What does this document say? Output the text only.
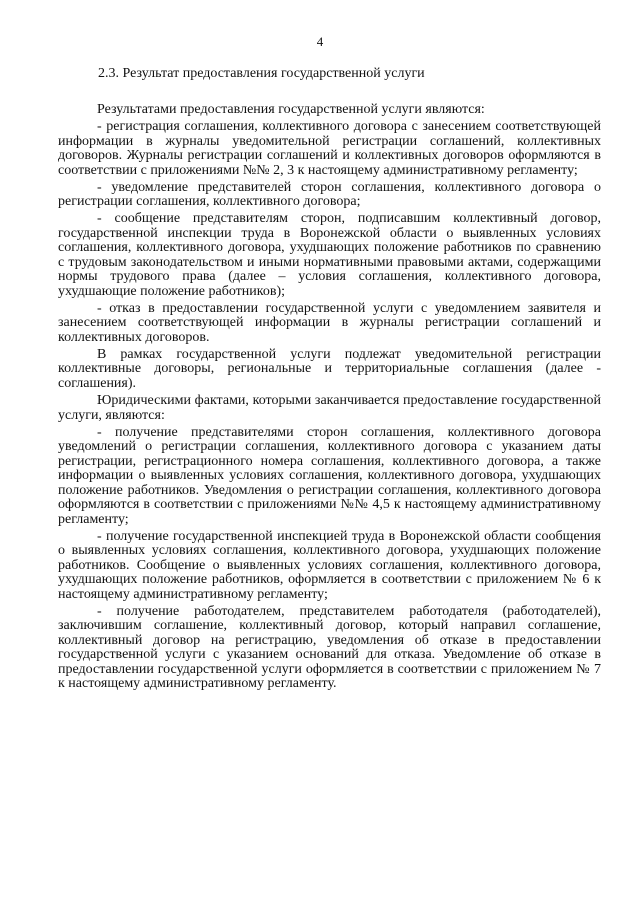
4
2.3. Результат предоставления государственной услуги

Результатами предоставления государственной услуги являются:

- регистрация соглашения, коллективного договора с занесением соответствующей информации в журналы уведомительной регистрации соглашений, коллективных договоров. Журналы регистрации соглашений и коллективных договоров оформляются в соответствии с приложениями №№ 2, 3 к настоящему административному регламенту;

- уведомление представителей сторон соглашения, коллективного договора о регистрации соглашения, коллективного договора;

- сообщение представителям сторон, подписавшим коллективный договор, государственной инспекции труда в Воронежской области о выявленных условиях соглашения, коллективного договора, ухудшающих положение работников по сравнению с трудовым законодательством и иными нормативными правовыми актами, содержащими нормы трудового права (далее – условия соглашения, коллективного договора, ухудшающие положение работников);

- отказ в предоставлении государственной услуги с уведомлением заявителя и занесением соответствующей информации в журналы регистрации соглашений и коллективных договоров.

В рамках государственной услуги подлежат уведомительной регистрации коллективные договоры, региональные и территориальные соглашения (далее - соглашения).

Юридическими фактами, которыми заканчивается предоставление государственной услуги, являются:

- получение представителями сторон соглашения, коллективного договора уведомлений о регистрации соглашения, коллективного договора с указанием даты регистрации, регистрационного номера соглашения, коллективного договора, а также информации о выявленных условиях соглашения, коллективного договора, ухудшающих положение работников. Уведомления о регистрации соглашения, коллективного договора оформляются в соответствии с приложениями №№ 4,5 к настоящему административному регламенту;

- получение государственной инспекцией труда в Воронежской области сообщения о выявленных условиях соглашения, коллективного договора, ухудшающих положение работников. Сообщение о выявленных условиях соглашения, коллективного договора, ухудшающих положение работников, оформляется в соответствии с приложением № 6 к настоящему административному регламенту;

- получение работодателем, представителем работодателя (работодателей), заключившим соглашение, коллективный договор, который направил соглашение, коллективный договор на регистрацию, уведомления об отказе в предоставлении государственной услуги с указанием оснований для отказа. Уведомление об отказе в предоставлении государственной услуги оформляется в соответствии с приложением № 7 к настоящему административному регламенту.
